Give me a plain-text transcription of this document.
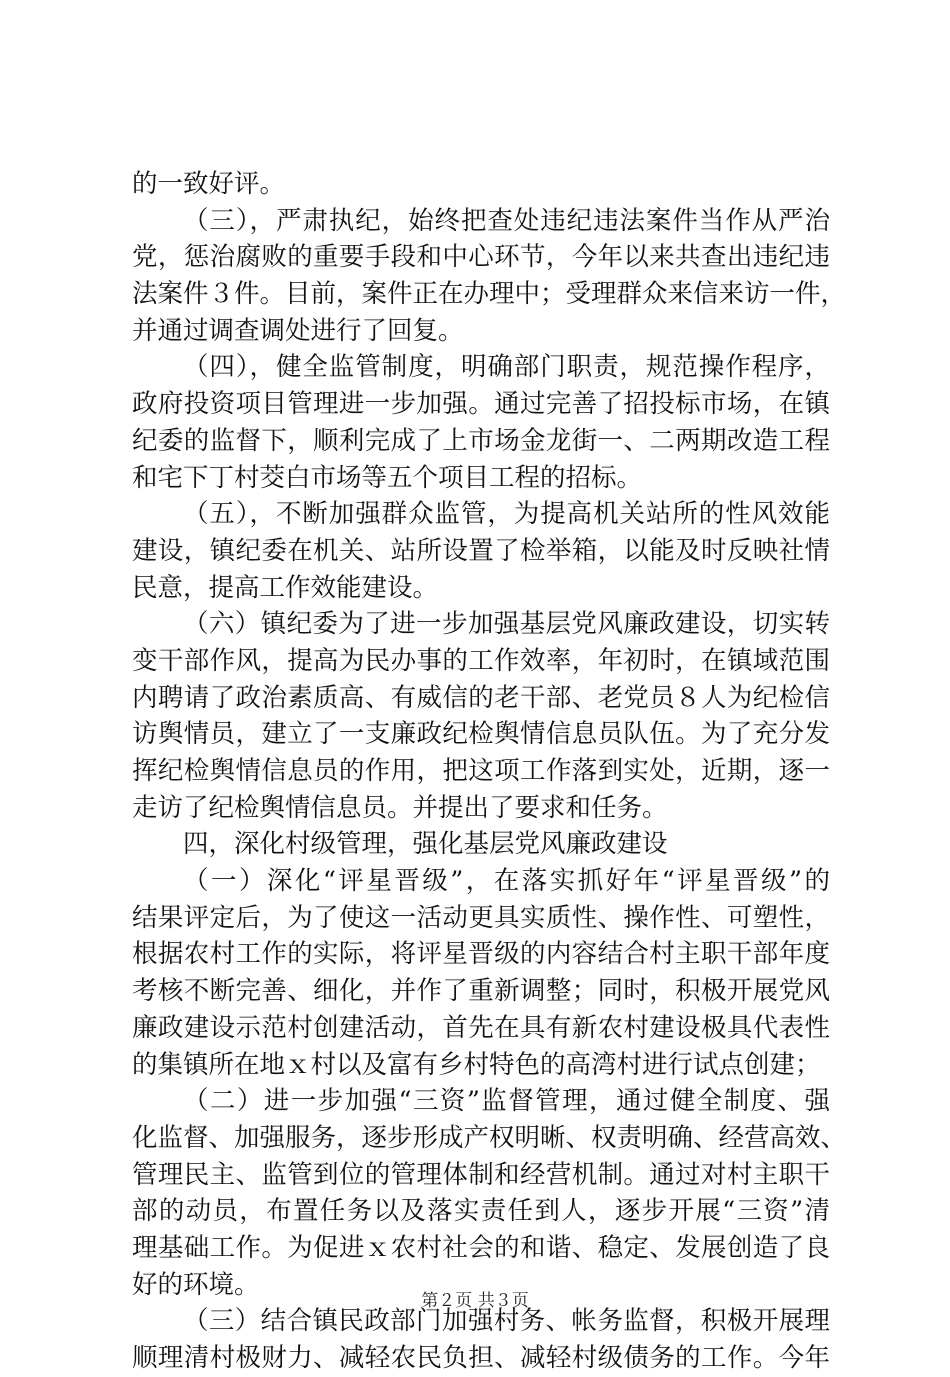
的一致好评。
（三），严肃执纪，始终把查处违纪违法案件当作从严治
党，惩治腐败的重要手段和中心环节，今年以来共查出违纪违
法案件３件。目前，案件正在办理中；受理群众来信来访一件，
并通过调查调处进行了回复。
（四），健全监管制度，明确部门职责，规范操作程序，
政府投资项目管理进一步加强。通过完善了招投标市场，在镇
纪委的监督下，顺利完成了上市场金龙街一、二两期改造工程
和宅下丁村茭白市场等五个项目工程的招标。
（五），不断加强群众监管，为提高机关站所的性风效能
建设，镇纪委在机关、站所设置了检举箱，以能及时反映社情
民意，提高工作效能建设。
（六）镇纪委为了进一步加强基层党风廉政建设，切实转
变干部作风，提高为民办事的工作效率，年初时，在镇域范围
内聘请了政治素质高、有威信的老干部、老党员８人为纪检信
访舆情员，建立了一支廉政纪检舆情信息员队伍。为了充分发
挥纪检舆情信息员的作用，把这项工作落到实处，近期，逐一
走访了纪检舆情信息员。并提出了要求和任务。
四，深化村级管理，强化基层党风廉政建设
（一）深化“评星晋级”，在落实抓好年“评星晋级”的
结果评定后，为了使这一活动更具实质性、操作性、可塑性，
根据农村工作的实际，将评星晋级的内容结合村主职干部年度
考核不断完善、细化，并作了重新调整；同时，积极开展党风
廉政建设示范村创建活动，首先在具有新农村建设极具代表性
的集镇所在地ｘ村以及富有乡村特色的高湾村进行试点创建；
（二）进一步加强“三资”监督管理，通过健全制度、强
化监督、加强服务，逐步形成产权明晰、权责明确、经营高效、
管理民主、监管到位的管理体制和经营机制。通过对村主职干
部的动员，布置任务以及落实责任到人，逐步开展“三资”清
理基础工作。为促进ｘ农村社会的和谐、稳定、发展创造了良
好的环境。
（三）结合镇民政部门加强村务、帐务监督，积极开展理
顺理清村极财力、减轻农民负担、减轻村级债务的工作。今年
第２页 共３页
